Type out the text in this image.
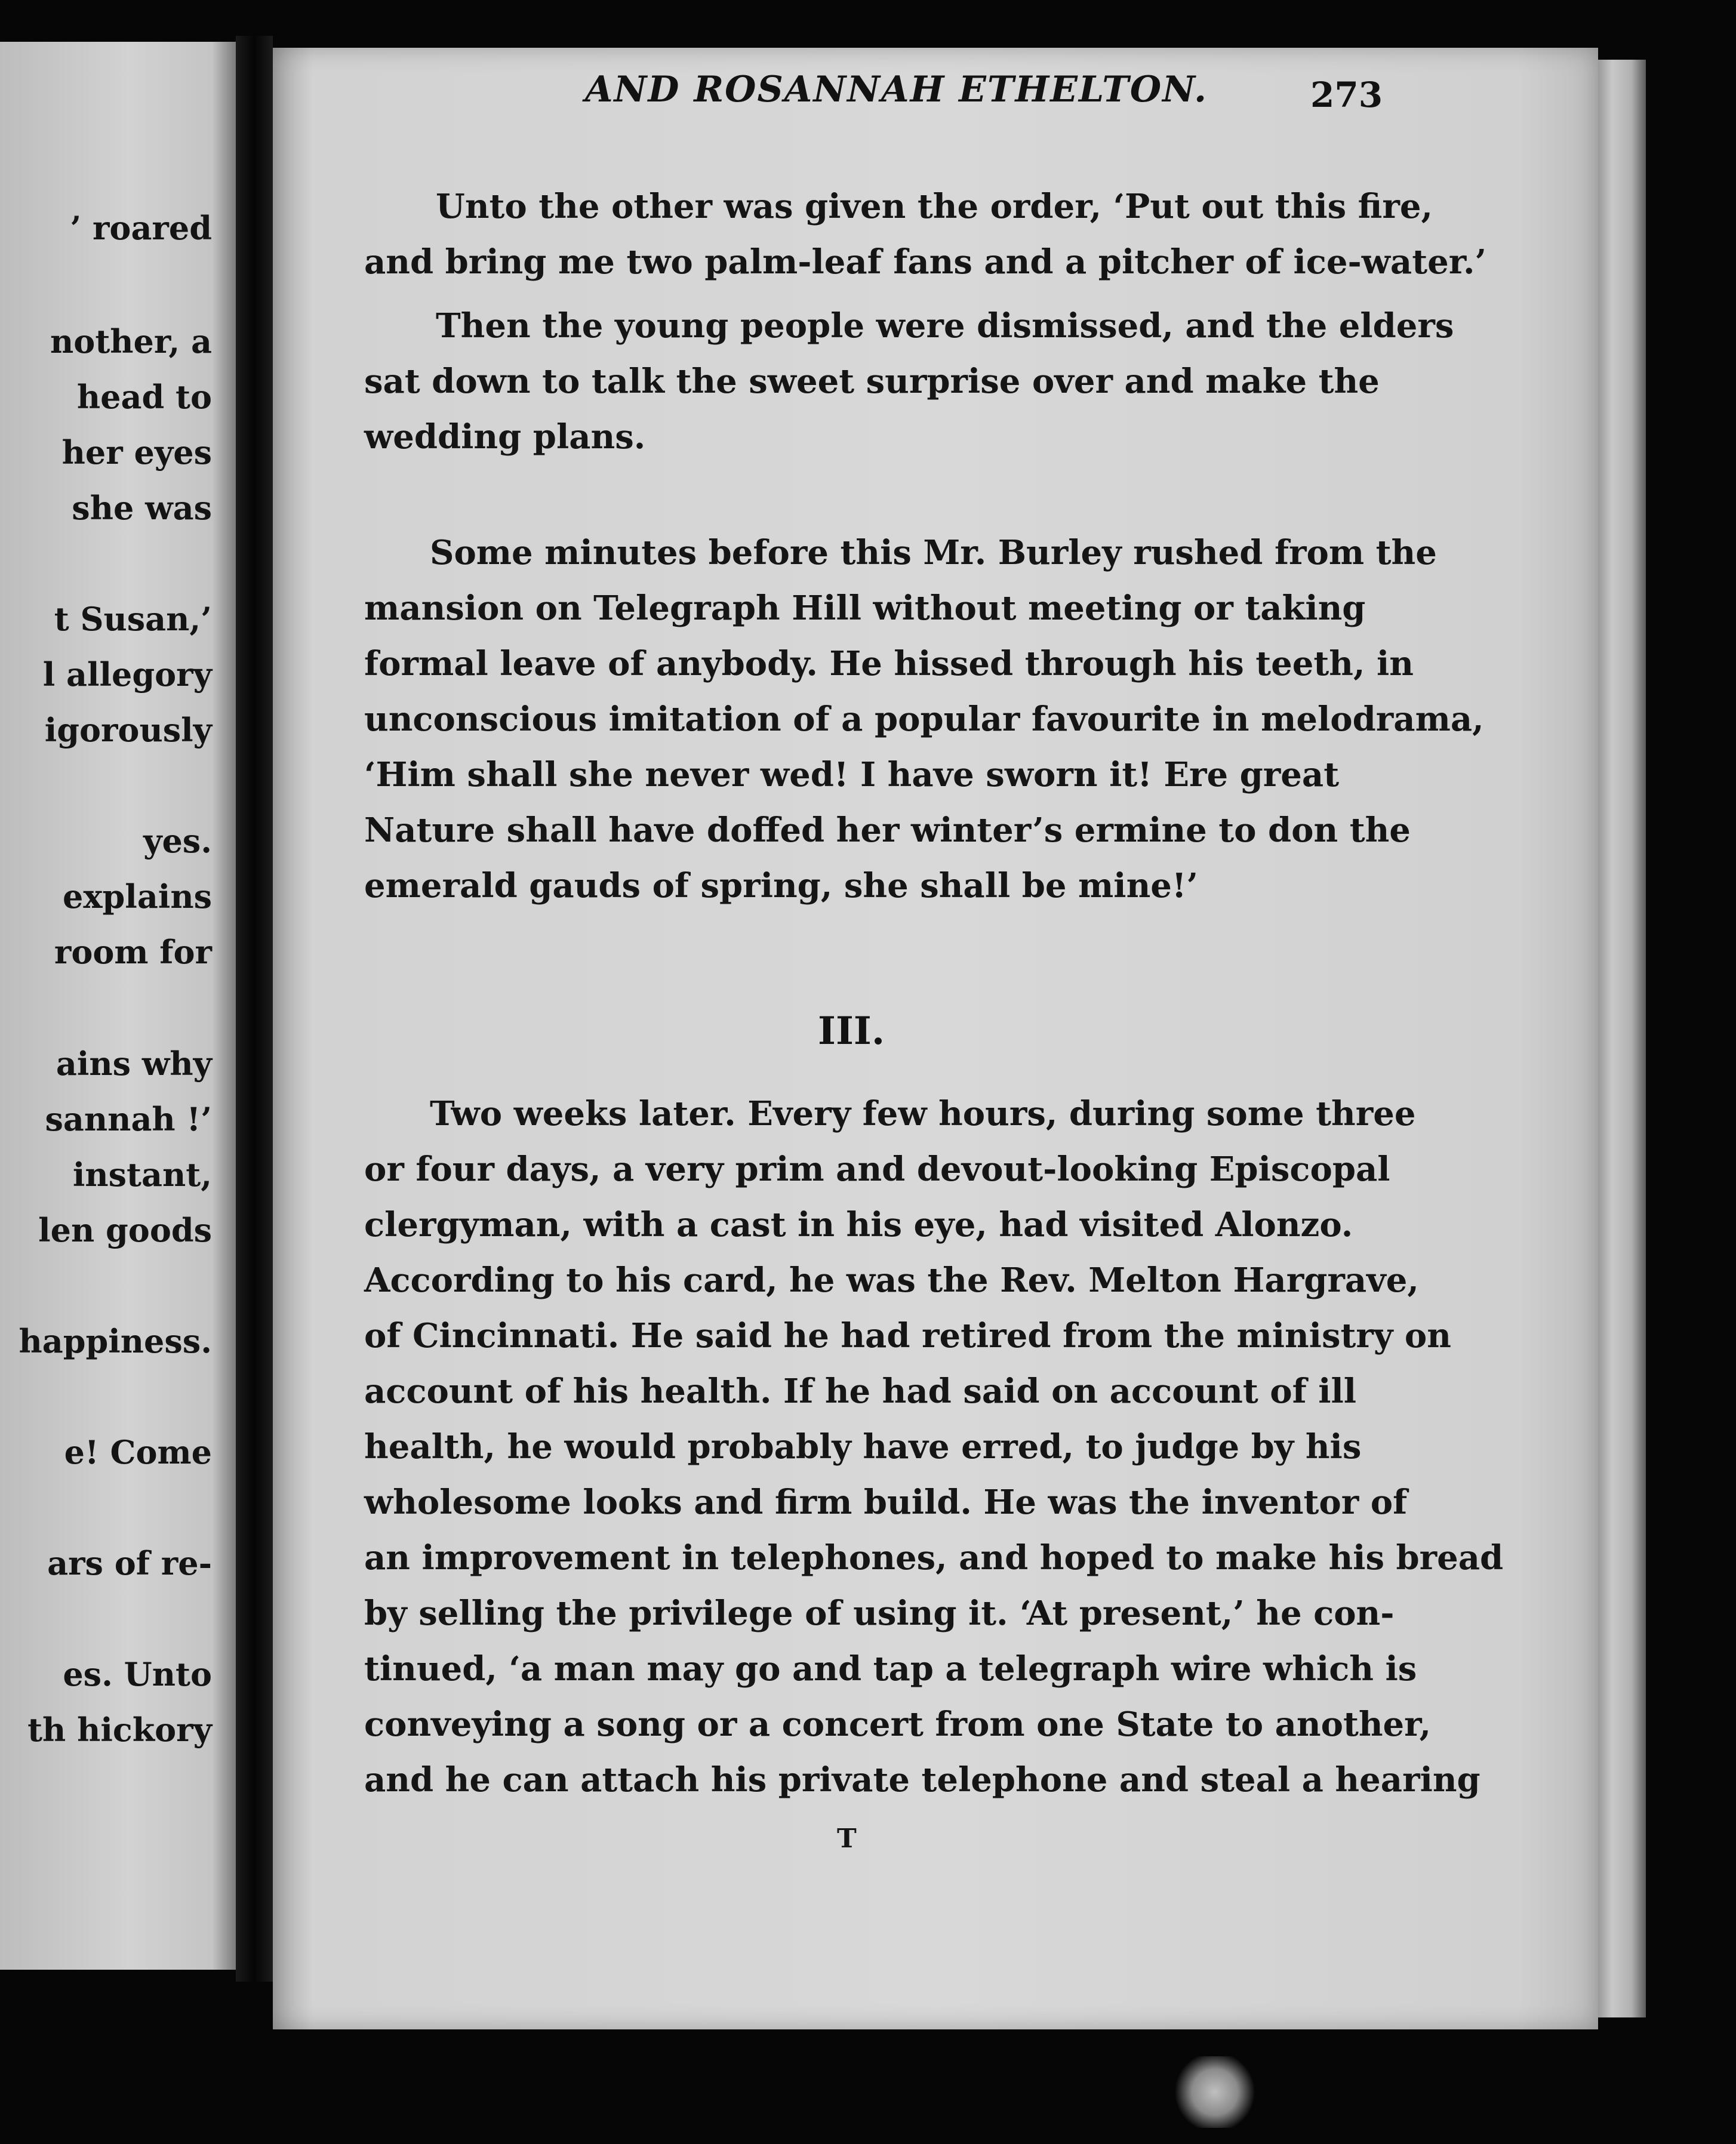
’ roared
nother, a
head to
her eyes
she was
t Susan,’
l allegory
igorously
yes.
explains
room for
ains why
sannah !’
instant,
len goods
happiness.
e! Come
ars of re-
es. Unto
th hickory
AND ROSANNAH ETHELTON.	273

Unto the other was given the order, ‘Put out this fire,
and bring me two palm-leaf fans and a pitcher of ice-water.’

Then the young people were dismissed, and the elders
sat down to talk the sweet surprise over and make the
wedding plans.

Some minutes before this Mr. Burley rushed from the
mansion on Telegraph Hill without meeting or taking
formal leave of anybody. He hissed through his teeth, in
unconscious imitation of a popular favourite in melodrama,
‘Him shall she never wed! I have sworn it! Ere great
Nature shall have doffed her winter’s ermine to don the
emerald gauds of spring, she shall be mine!’

III.

Two weeks later. Every few hours, during some three
or four days, a very prim and devout-looking Episcopal
clergyman, with a cast in his eye, had visited Alonzo.
According to his card, he was the Rev. Melton Hargrave,
of Cincinnati. He said he had retired from the ministry on
account of his health. If he had said on account of ill
health, he would probably have erred, to judge by his
wholesome looks and firm build. He was the inventor of
an improvement in telephones, and hoped to make his bread
by selling the privilege of using it. ‘At present,’ he con-
tinued, ‘a man may go and tap a telegraph wire which is
conveying a song or a concert from one State to another,
and he can attach his private telephone and steal a hearing

T
